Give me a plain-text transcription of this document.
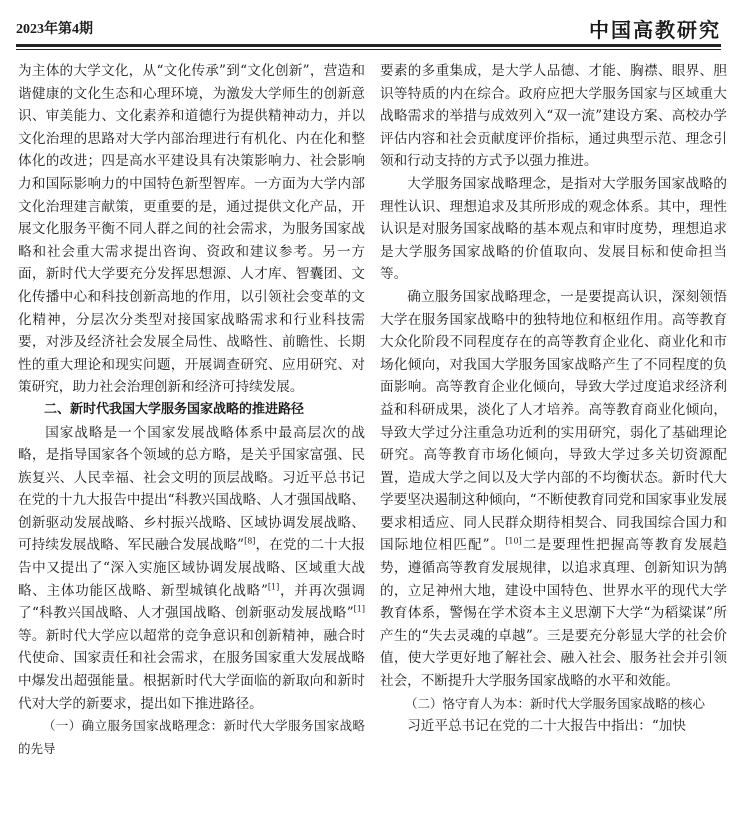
2023年第4期	中国高教研究

为主体的大学文化，从“文化传承”到“文化创新”，营造和谐健康的文化生态和心理环境，为激发大学师生的创新意识、审美能力、文化素养和道德行为提供精神动力，并以文化治理的思路对大学内部治理进行有机化、内在化和整体化的改进；四是高水平建设具有决策影响力、社会影响力和国际影响力的中国特色新型智库。一方面为大学内部文化治理建言献策，更重要的是，通过提供文化产品，开展文化服务平衡不同人群之间的社会需求，为服务国家战略和社会重大需求提出咨询、资政和建议参考。另一方面，新时代大学要充分发挥思想源、人才库、智囊团、文化传播中心和科技创新高地的作用，以引领社会变革的文化精神，分层次分类型对接国家战略需求和行业科技需要，对涉及经济社会发展全局性、战略性、前瞻性、长期性的重大理论和现实问题，开展调查研究、应用研究、对策研究，助力社会治理创新和经济可持续发展。

二、新时代我国大学服务国家战略的推进路径

国家战略是一个国家发展战略体系中最高层次的战略，是指导国家各个领域的总方略，是关乎国家富强、民族复兴、人民幸福、社会文明的顶层战略。习近平总书记在党的十九大报告中提出“科教兴国战略、人才强国战略、创新驱动发展战略、乡村振兴战略、区域协调发展战略、可持续发展战略、军民融合发展战略”[8]，在党的二十大报告中又提出了“深入实施区域协调发展战略、区域重大战略、主体功能区战略、新型城镇化战略”[1]，并再次强调了“科教兴国战略、人才强国战略、创新驱动发展战略”[1]等。新时代大学应以超常的竞争意识和创新精神，融合时代使命、国家责任和社会需求，在服务国家重大发展战略中爆发出超强能量。根据新时代大学面临的新取向和新时代对大学的新要求，提出如下推进路径。

（一）确立服务国家战略理念：新时代大学服务国家战略的先导

要素的多重集成，是大学人品德、才能、胸襟、眼界、胆识等特质的内在综合。政府应把大学服务国家与区域重大战略需求的举措与成效列入“双一流”建设方案、高校办学评估内容和社会贡献度评价指标，通过典型示范、理念引领和行动支持的方式予以强力推进。

大学服务国家战略理念，是指对大学服务国家战略的理性认识、理想追求及其所形成的观念体系。其中，理性认识是对服务国家战略的基本观点和审时度势，理想追求是大学服务国家战略的价值取向、发展目标和使命担当等。

确立服务国家战略理念，一是要提高认识，深刻领悟大学在服务国家战略中的独特地位和枢纽作用。高等教育大众化阶段不同程度存在的高等教育企业化、商业化和市场化倾向，对我国大学服务国家战略产生了不同程度的负面影响。高等教育企业化倾向，导致大学过度追求经济利益和科研成果，淡化了人才培养。高等教育商业化倾向，导致大学过分注重急功近利的实用研究，弱化了基础理论研究。高等教育市场化倾向，导致大学过多关切资源配置，造成大学之间以及大学内部的不均衡状态。新时代大学要坚决遏制这种倾向，“不断使教育同党和国家事业发展要求相适应、同人民群众期待相契合、同我国综合国力和国际地位相匹配”。[10]二是要理性把握高等教育发展趋势，遵循高等教育发展规律，以追求真理、创新知识为鹄的，立足神州大地，建设中国特色、世界水平的现代大学教育体系，警惕在学术资本主义思潮下大学“为稻粱谋”所产生的“失去灵魂的卓越”。三是要充分彰显大学的社会价值，使大学更好地了解社会、融入社会、服务社会并引领社会，不断提升大学服务国家战略的水平和效能。

（二）恪守育人为本：新时代大学服务国家战略的核心

习近平总书记在党的二十大报告中指出：“加快
